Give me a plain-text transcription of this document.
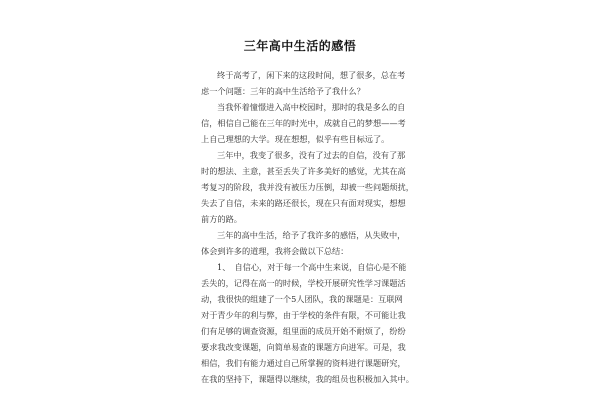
三年高中生活的感悟

终于高考了，闲下来的这段时间，想了很多，总在考

虑一个问题：三年的高中生活给予了我什么？

当我怀着憧憬进入高中校园时，那时的我是多么的自

信，相信自己能在三年的时光中，成就自己的梦想——考

上自己理想的大学。现在想想，似乎有些目标远了。

三年中，我变了很多，没有了过去的自信，没有了那

时的想法、主意，甚至丢失了许多美好的感觉，尤其在高

考复习的阶段，我并没有被压力压倒，却被一些问题烦扰，

失去了自信，未来的路还很长，现在只有面对现实，想想

前方的路。

三年的高中生活，给予了我许多的感悟，从失败中，

体会到许多的道理，我将会做以下总结：

1、　自信心，对于每一个高中生来说，自信心是不能

丢失的，记得在高一的时候，学校开展研究性学习课题活

动，我很快的组建了一个5人团队，我的课题是：互联网

对于青少年的利与弊，由于学校的条件有限，不可能让我

们有足够的调查资源，组里面的成员开始不耐烦了，纷纷

要求我改变课题，向简单易查的课题方向进军。可是，我

相信，我们有能力通过自己所掌握的资料进行课题研究，

在我的坚持下，课题得以继续，我的组员也积极加入其中。
